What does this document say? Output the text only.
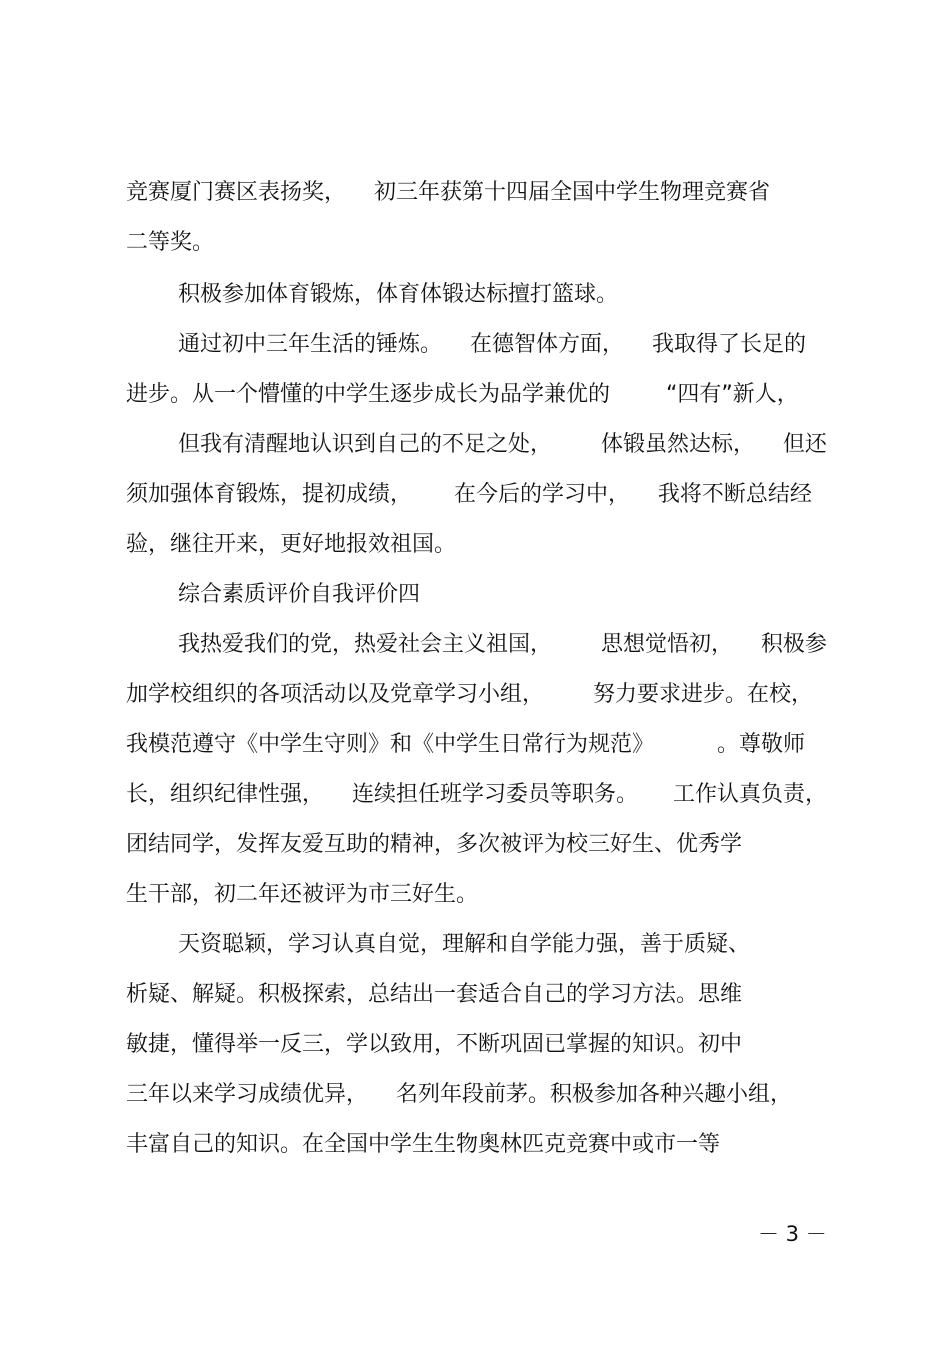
竞赛厦门赛区表扬奖，    初三年获第十四届全国中学生物理竞赛省

二等奖。

积极参加体育锻炼，体育体锻达标擅打篮球。

通过初中三年生活的锤炼。    在德智体方面，    我取得了长足的

进步。从一个懵懂的中学生逐步成长为品学兼优的        “四有”新人，

但我有清醒地认识到自己的不足之处，       体锻虽然达标，    但还

须加强体育锻炼，提初成绩，      在今后的学习中，    我将不断总结经

验，继往开来，更好地报效祖国。

综合素质评价自我评价四

我热爱我们的党，热爱社会主义祖国，       思想觉悟初，    积极参

加学校组织的各项活动以及党章学习小组，       努力要求进步。在校，

我模范遵守《中学生守则》和《中学生日常行为规范》         。尊敬师

长，组织纪律性强，    连续担任班学习委员等职务。     工作认真负责，

团结同学，发挥友爱互助的精神，多次被评为校三好生、优秀学

生干部，初二年还被评为市三好生。

天资聪颖，学习认真自觉，理解和自学能力强，善于质疑、

析疑、解疑。积极探索，总结出一套适合自己的学习方法。思维

敏捷，懂得举一反三，学以致用，不断巩固已掌握的知识。初中

三年以来学习成绩优异，    名列年段前茅。积极参加各种兴趣小组，

丰富自己的知识。在全国中学生生物奥林匹克竞赛中或市一等

－ 3 －
